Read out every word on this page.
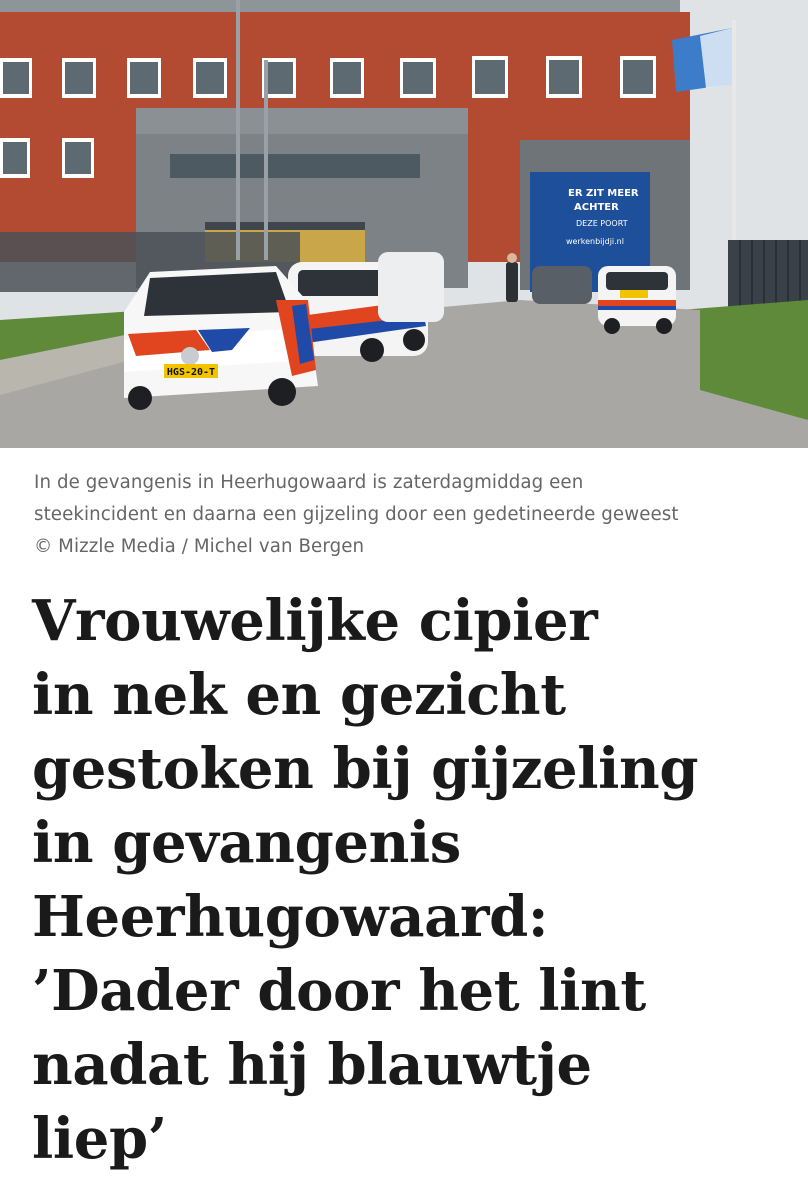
ER ZIT MEER
ACHTER
DEZE POORT
werkenbijdji.nl
HGS-20-T

In de gevangenis in Heerhugowaard is zaterdagmiddag een
steekincident en daarna een gijzeling door een gedetineerde geweest
© Mizzle Media / Michel van Bergen

Vrouwelijke cipier
in nek en gezicht
gestoken bij gijzeling
in gevangenis
Heerhugowaard:
’Dader door het lint
nadat hij blauwtje
liep’
